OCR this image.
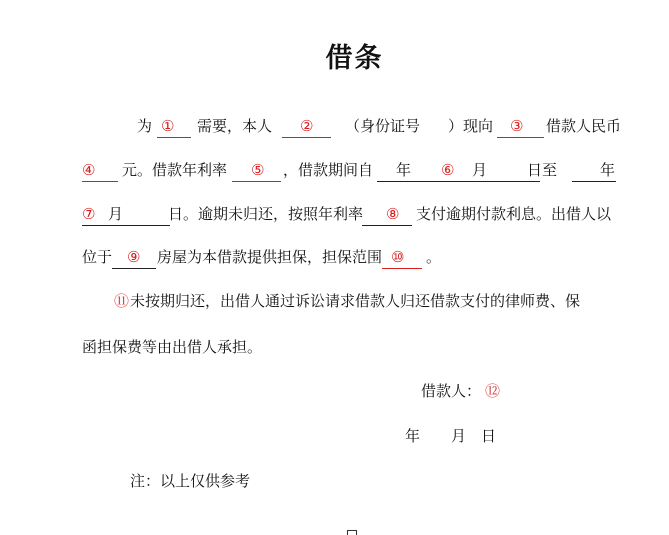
借条
为 ① 需要，本人 ② （身份证号 ）现向 ③ 借款人民币
④ 元。借款年利率 ⑤ ，借款期间自 年 ⑥ 月	日至	年
⑦ 月	日。逾期未归还，按照年利率 ⑧ 支付逾期付款利息。出借人以
位于 ⑨ 房屋为本借款提供担保，担保范围 ⑩ 。
⑪ 未按期归还，出借人通过诉讼请求借款人归还借款支付的律师费、保
函担保费等由出借人承担。
借款人： ⑫
年 月 日
注：以上仅供参考
